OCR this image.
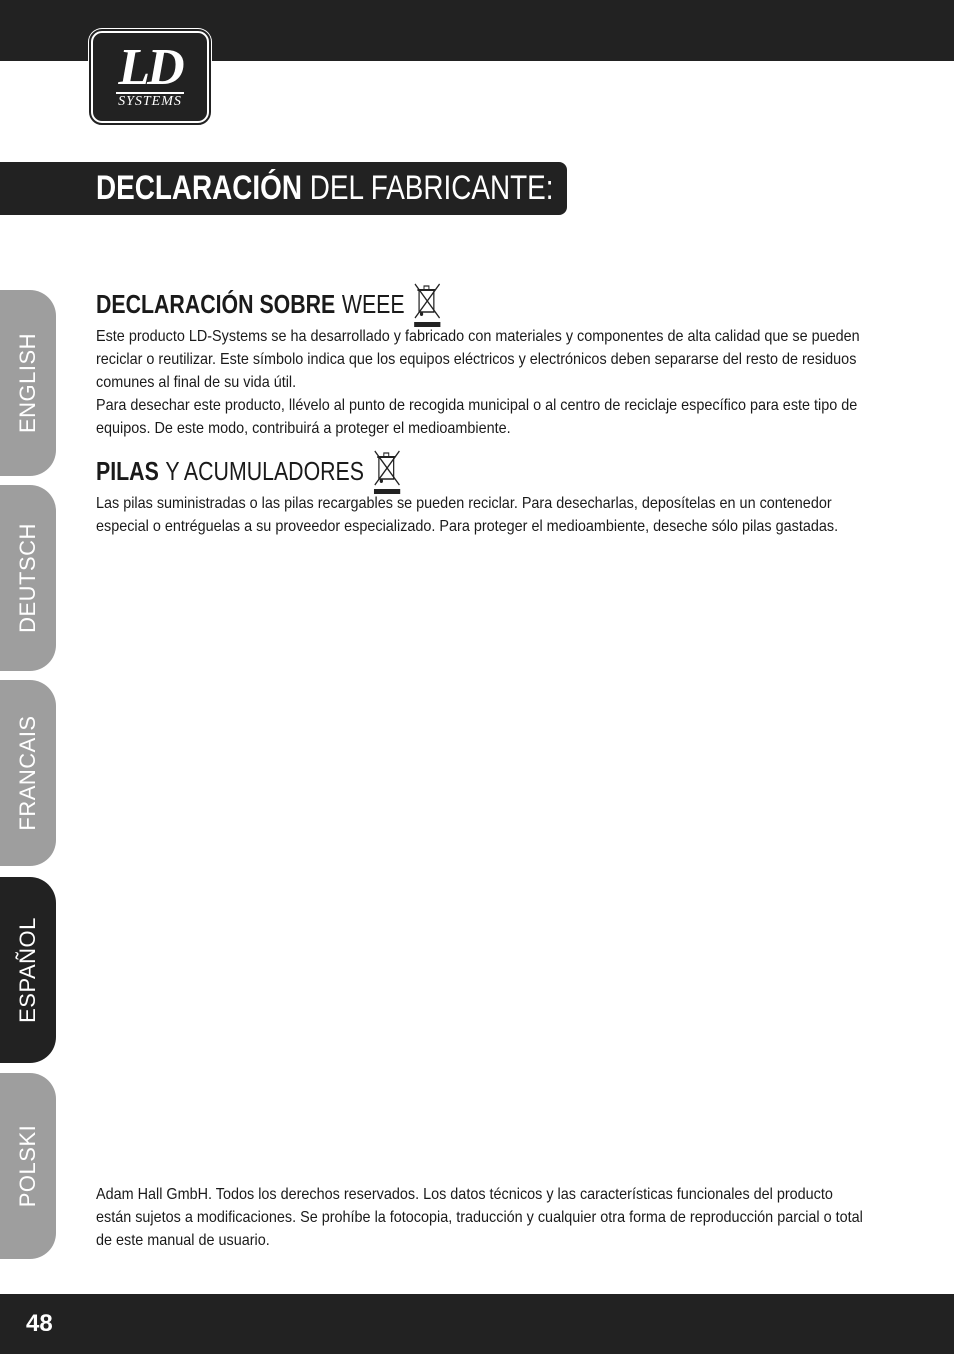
LD
SYSTEMS
DECLARACIÓN DEL FABRICANTE:
ENGLISH
DEUTSCH
FRANCAIS
ESPAÑOL
POLSKI
DECLARACIÓN SOBRE WEEE

Este producto LD-Systems se ha desarrollado y fabricado con materiales y componentes de alta calidad que se pueden reciclar o reutilizar. Este símbolo indica que los equipos eléctricos y electrónicos deben separarse del resto de residuos comunes al final de su vida útil.

Para desechar este producto, llévelo al punto de recogida municipal o al centro de reciclaje específico para este tipo de equipos. De este modo, contribuirá a proteger el medioambiente.

PILAS Y ACUMULADORES

Las pilas suministradas o las pilas recargables se pueden reciclar. Para desecharlas, deposítelas en un contenedor especial o entréguelas a su proveedor especializado. Para proteger el medioambiente, deseche sólo pilas gastadas.

Adam Hall GmbH. Todos los derechos reservados. Los datos técnicos y las características funcionales del producto están sujetos a modificaciones. Se prohíbe la fotocopia, traducción y cualquier otra forma de reproducción parcial o total de este manual de usuario.

48
